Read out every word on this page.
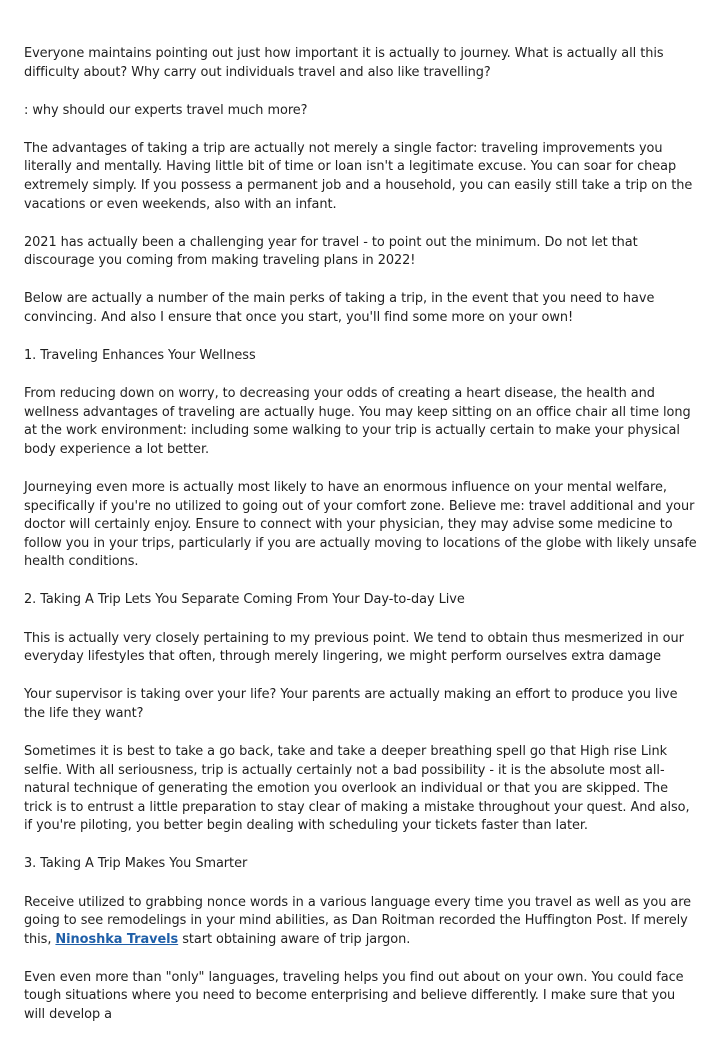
Everyone maintains pointing out just how important it is actually to journey. What is actually all this difficulty about? Why carry out individuals travel and also like travelling?

: why should our experts travel much more?

The advantages of taking a trip are actually not merely a single factor: traveling improvements you literally and mentally. Having little bit of time or loan isn't a legitimate excuse. You can soar for cheap extremely simply. If you possess a permanent job and a household, you can easily still take a trip on the vacations or even weekends, also with an infant.

2021 has actually been a challenging year for travel - to point out the minimum. Do not let that discourage you coming from making traveling plans in 2022!

Below are actually a number of the main perks of taking a trip, in the event that you need to have convincing. And also I ensure that once you start, you'll find some more on your own!

1. Traveling Enhances Your Wellness

From reducing down on worry, to decreasing your odds of creating a heart disease, the health and wellness advantages of traveling are actually huge. You may keep sitting on an office chair all time long at the work environment: including some walking to your trip is actually certain to make your physical body experience a lot better.

Journeying even more is actually most likely to have an enormous influence on your mental welfare, specifically if you're no utilized to going out of your comfort zone. Believe me: travel additional and your doctor will certainly enjoy. Ensure to connect with your physician, they may advise some medicine to follow you in your trips, particularly if you are actually moving to locations of the globe with likely unsafe health conditions.

2. Taking A Trip Lets You Separate Coming From Your Day-to-day Live

This is actually very closely pertaining to my previous point. We tend to obtain thus mesmerized in our everyday lifestyles that often, through merely lingering, we might perform ourselves extra damage

Your supervisor is taking over your life? Your parents are actually making an effort to produce you live the life they want?

Sometimes it is best to take a go back, take and take a deeper breathing spell go that High rise Link selfie. With all seriousness, trip is actually certainly not a bad possibility - it is the absolute most all-natural technique of generating the emotion you overlook an individual or that you are skipped. The trick is to entrust a little preparation to stay clear of making a mistake throughout your quest. And also, if you're piloting, you better begin dealing with scheduling your tickets faster than later.

3. Taking A Trip Makes You Smarter

Receive utilized to grabbing nonce words in a various language every time you travel as well as you are going to see remodelings in your mind abilities, as Dan Roitman recorded the Huffington Post. If merely this, Ninoshka Travels start obtaining aware of trip jargon.

Even even more than "only" languages, traveling helps you find out about on your own. You could face tough situations where you need to become enterprising and believe differently. I make sure that you will develop a
